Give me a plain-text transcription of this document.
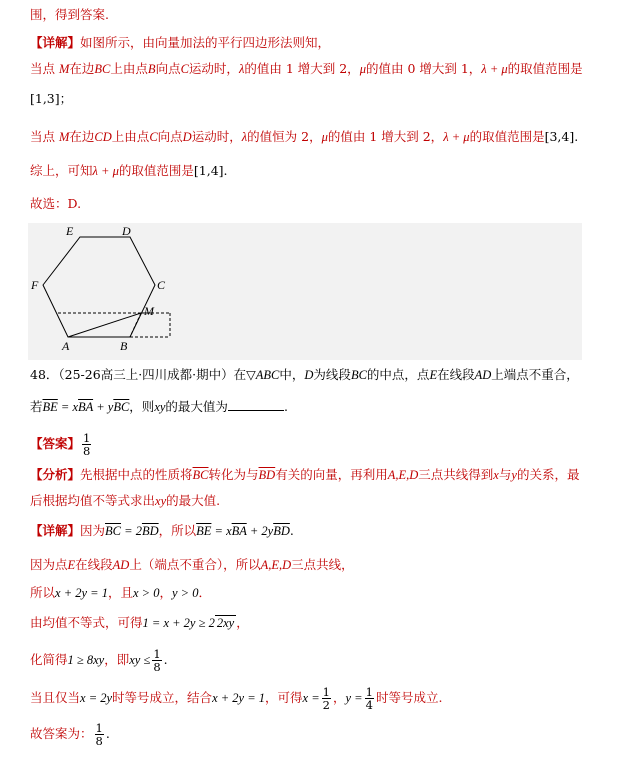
围，得到答案.
【详解】如图所示，由向量加法的平行四边形法则知，
当点 M在边BC上由点B向点C运动时，λ的值由 1 增大到 2，μ的值由 0 增大到 1，λ + μ的取值范围是
[1,3]；
当点 M在边CD上由点C向点D运动时，λ的值恒为 2，μ的值由 1 增大到 2，λ + μ的取值范围是[3,4].
综上，可知λ + μ的取值范围是[1,4].
故选：D.
E	D
F	C
M
A	B
48．（25-26高三上·四川成都·期中）在▽ABC中，D为线段BC的中点，点E在线段AD上端点不重合，
若$\overline{BE} = x\overline{BA} + y\overline{BC}$，则xy的最大值为	.
【答案】 $\frac{1}{8}$
【分析】先根据中点的性质将$\overline{BC}$转化为与$\overline{BD}$有关的向量，再利用A,E,D三点共线得到x与y的关系，最
后根据均值不等式求出xy的最大值.
【详解】因为$\overline{BC} = 2\overline{BD}$，所以$\overline{BE} = x\overline{BA} + 2y\overline{BD}$.
因为点E在线段AD上（端点不重合），所以A,E,D三点共线，
所以x + 2y = 1，且x > 0，y > 0．
由均值不等式，可得1 = x + 2y ≥ 2 2xy ，
化简得1 ≥ 8xy，即xy ≤ $\frac{1}{8}$ .
当且仅当x = 2y时等号成立，结合x + 2y = 1，可得$x = \frac{1}{2}$ ，$y = \frac{1}{4}$ 时等号成立.
故答案为： $\frac{1}{8}$ .
